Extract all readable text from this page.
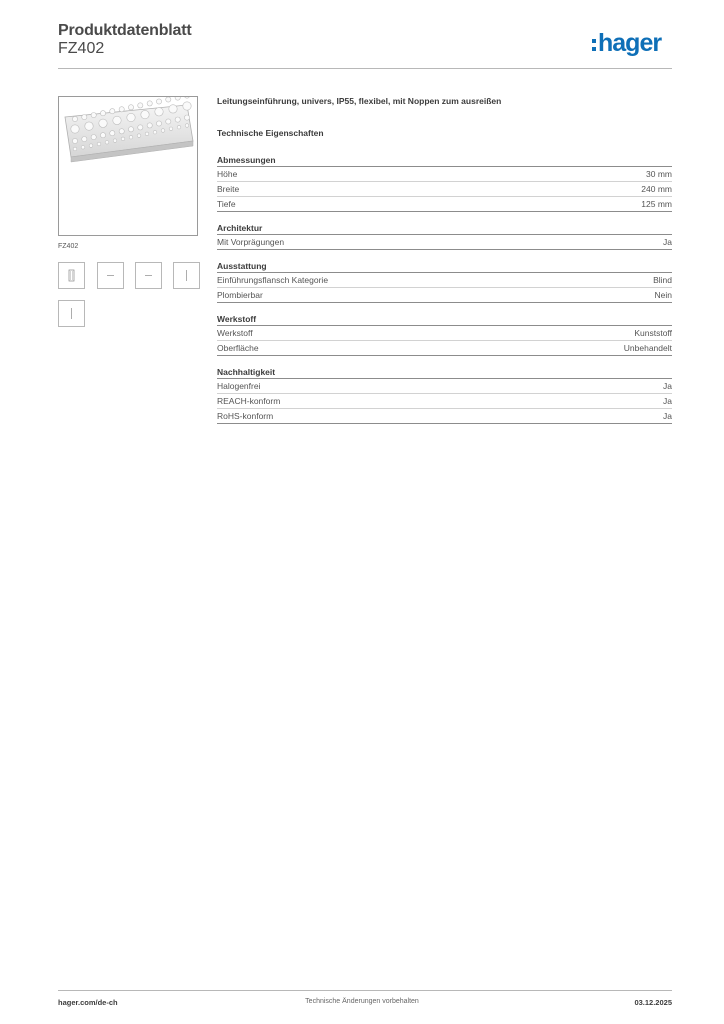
Produktdatenblatt
FZ402	hager
FZ402
Leitungseinführung, univers, IP55, flexibel, mit Noppen zum ausreißen
Technische Eigenschaften
Abmessungen
Höhe	30 mm
Breite	240 mm
Tiefe	125 mm
Architektur
Mit Vorprägungen	Ja
Ausstattung
Einführungsflansch Kategorie	Blind
Plombierbar	Nein
Werkstoff
Werkstoff	Kunststoff
Oberfläche	Unbehandelt
Nachhaltigkeit
Halogenfrei	Ja
REACH-konform	Ja
RoHS-konform	Ja
hager.com/de-ch	Technische Änderungen vorbehalten	03.12.2025
